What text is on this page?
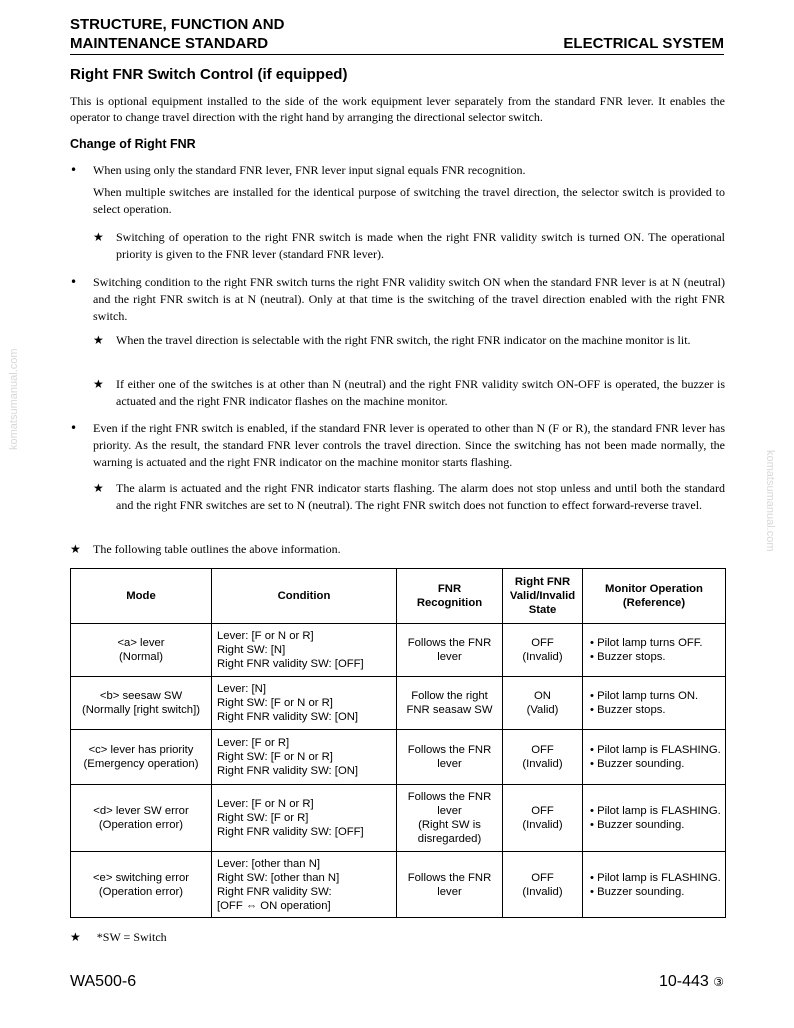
STRUCTURE, FUNCTION AND
MAINTENANCE STANDARD	ELECTRICAL SYSTEM
komatsumanual.com
komatsumanual.com
Right FNR Switch Control (if equipped)
This is optional equipment installed to the side of the work equipment lever separately from the standard FNR lever. It enables the operator to change travel direction with the right hand by arranging the directional selector switch.
Change of Right FNR
• When using only the standard FNR lever, FNR lever input signal equals FNR recognition.
When multiple switches are installed for the identical purpose of switching the travel direction, the selector switch is provided to select operation.
★ Switching of operation to the right FNR switch is made when the right FNR validity switch is turned ON. The operational priority is given to the FNR lever (standard FNR lever).
• Switching condition to the right FNR switch turns the right FNR validity switch ON when the standard FNR lever is at N (neutral) and the right FNR switch is at N (neutral). Only at that time is the switching of the travel direction enabled with the right FNR switch.
★ When the travel direction is selectable with the right FNR switch, the right FNR indicator on the machine monitor is lit.
★ If either one of the switches is at other than N (neutral) and the right FNR validity switch ON-OFF is operated, the buzzer is actuated and the right FNR indicator flashes on the machine monitor.
• Even if the right FNR switch is enabled, if the standard FNR lever is operated to other than N (F or R), the standard FNR lever has priority. As the result, the standard FNR lever controls the travel direction. Since the switching has not been made normally, the warning is actuated and the right FNR indicator on the machine monitor starts flashing.
★ The alarm is actuated and the right FNR indicator starts flashing. The alarm does not stop unless and until both the standard and the right FNR switches are set to N (neutral). The right FNR switch does not function to effect forward-reverse travel.
★ The following table outlines the above information.
Mode	Condition	FNR
Recognition	Right FNR
Valid/Invalid
State	Monitor Operation
(Reference)

<a> lever
(Normal)	Lever: [F or N or R]
Right SW: [N]
Right FNR validity SW: [OFF]	Follows the FNR
lever	OFF
(Invalid)	• Pilot lamp turns OFF.
• Buzzer stops.

<b> seesaw SW
(Normally [right switch])	Lever: [N]
Right SW: [F or N or R]
Right FNR validity SW: [ON]	Follow the right
FNR seasaw SW	ON
(Valid)	• Pilot lamp turns ON.
• Buzzer stops.

<c> lever has priority
(Emergency operation)	Lever: [F or R]
Right SW: [F or N or R]
Right FNR validity SW: [ON]	Follows the FNR
lever	OFF
(Invalid)	• Pilot lamp is FLASHING.
• Buzzer sounding.

<d> lever SW error
(Operation error)	Lever: [F or N or R]
Right SW: [F or R]
Right FNR validity SW: [OFF]	Follows the FNR
lever
(Right SW is
disregarded)	OFF
(Invalid)	• Pilot lamp is FLASHING.
• Buzzer sounding.

<e> switching error
(Operation error)	Lever: [other than N]
Right SW: [other than N]
Right FNR validity SW:
[OFF ⇔ ON operation]	Follows the FNR
lever	OFF
(Invalid)	• Pilot lamp is FLASHING.
• Buzzer sounding.
★ *SW = Switch
WA500-6	10-443 ③
